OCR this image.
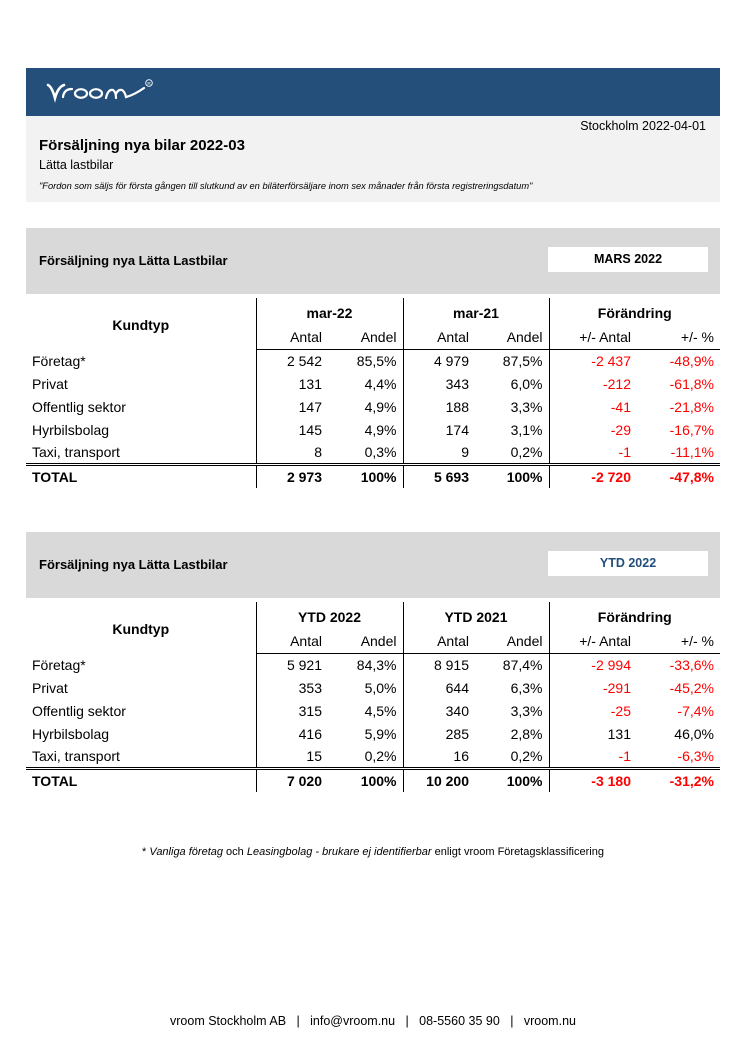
R
Stockholm 2022-04-01
Försäljning nya bilar 2022-03
Lätta lastbilar
"Fordon som säljs för första gången till slutkund av en biläterförsäljare inom sex månader från första registreringsdatum"
Försäljning nya Lätta Lastbilar	MARS 2022
Kundtyp	mar-22		mar-21		Förändring	
	Antal	Andel	Antal	Andel	+/- Antal	+/- %
Företag*	2 542	85,5%	4 979	87,5%	-2 437	-48,9%
Privat	131	4,4%	343	6,0%	-212	-61,8%
Offentlig sektor	147	4,9%	188	3,3%	-41	-21,8%
Hyrbilsbolag	145	4,9%	174	3,1%	-29	-16,7%
Taxi, transport	8	0,3%	9	0,2%	-1	-11,1%
TOTAL	2 973	100%	5 693	100%	-2 720	-47,8%
Försäljning nya Lätta Lastbilar	YTD 2022
Kundtyp	YTD 2022		YTD 2021		Förändring	
	Antal	Andel	Antal	Andel	+/- Antal	+/- %
Företag*	5 921	84,3%	8 915	87,4%	-2 994	-33,6%
Privat	353	5,0%	644	6,3%	-291	-45,2%
Offentlig sektor	315	4,5%	340	3,3%	-25	-7,4%
Hyrbilsbolag	416	5,9%	285	2,8%	131	46,0%
Taxi, transport	15	0,2%	16	0,2%	-1	-6,3%
TOTAL	7 020	100%	10 200	100%	-3 180	-31,2%
* Vanliga företag och Leasingbolag - brukare ej identifierbar enligt vroom Företagsklassificering
vroom Stockholm AB   |   info@vroom.nu   |   08-5560 35 90   |   vroom.nu
